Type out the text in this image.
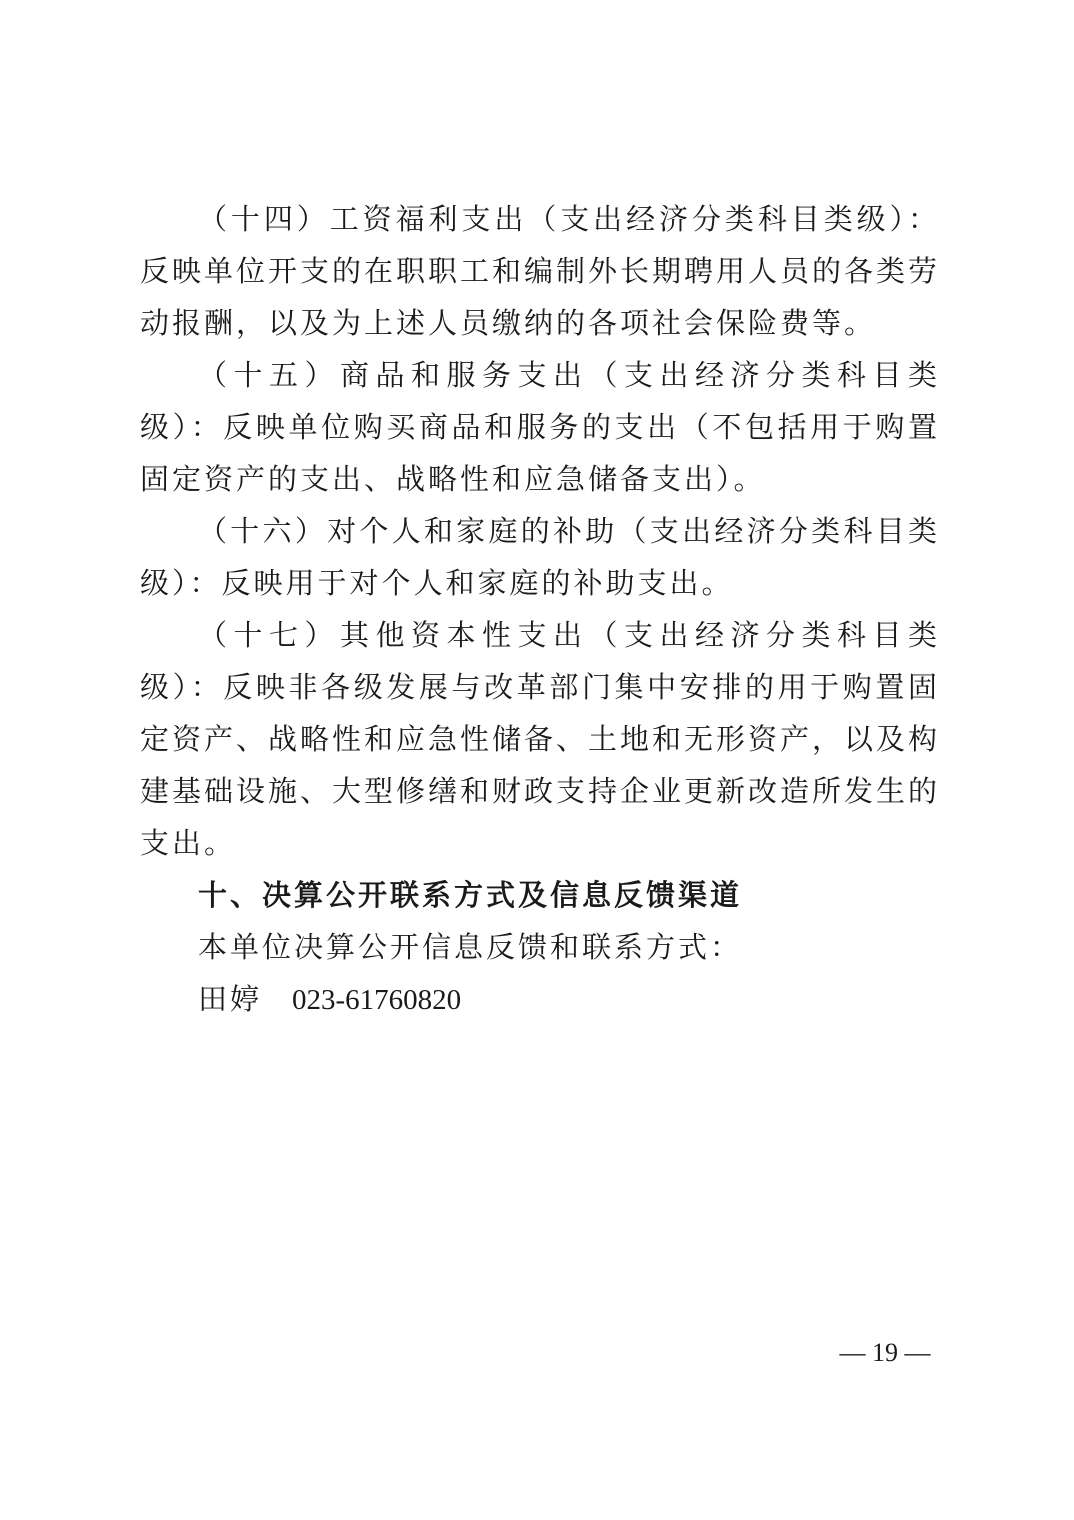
（十四）工资福利支出（支出经济分类科目类级）：反映单位开支的在职职工和编制外长期聘用人员的各类劳动报酬，以及为上述人员缴纳的各项社会保险费等。

（十五）商品和服务支出（支出经济分类科目类级）：反映单位购买商品和服务的支出（不包括用于购置固定资产的支出、战略性和应急储备支出）。

（十六）对个人和家庭的补助（支出经济分类科目类级）：反映用于对个人和家庭的补助支出。

（十七）其他资本性支出（支出经济分类科目类级）：反映非各级发展与改革部门集中安排的用于购置固定资产、战略性和应急性储备、土地和无形资产，以及构建基础设施、大型修缮和财政支持企业更新改造所发生的支出。

十、决算公开联系方式及信息反馈渠道

本单位决算公开信息反馈和联系方式：

田婷 023-61760820

— 19 —
